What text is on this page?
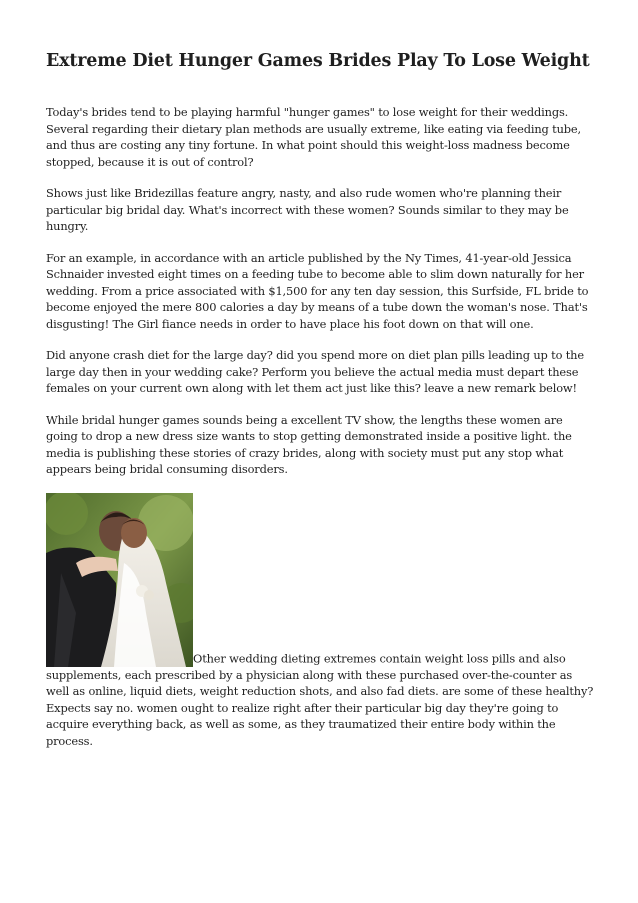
Extreme Diet Hunger Games Brides Play To Lose Weight

Today's brides tend to be playing harmful "hunger games" to lose weight for their weddings. Several regarding their dietary plan methods are usually extreme, like eating via feeding tube, and thus are costing any tiny fortune. In what point should this weight-loss madness become stopped, because it is out of control?

Shows just like Bridezillas feature angry, nasty, and also rude women who're planning their particular big bridal day. What's incorrect with these women? Sounds similar to they may be hungry.

For an example, in accordance with an article published by the Ny Times, 41-year-old Jessica Schnaider invested eight times on a feeding tube to become able to slim down naturally for her wedding. From a price associated with $1,500 for any ten day session, this Surfside, FL bride to become enjoyed the mere 800 calories a day by means of a tube down the woman's nose. That's disgusting! The Girl fiance needs in order to have place his foot down on that will one.

Did anyone crash diet for the large day? did you spend more on diet plan pills leading up to the large day then in your wedding cake? Perform you believe the actual media must depart these females on your current own along with let them act just like this? leave a new remark below!

While bridal hunger games sounds being a excellent TV show, the lengths these women are going to drop a new dress size wants to stop getting demonstrated inside a positive light. the media is publishing these stories of crazy brides, along with society must put any stop what appears being bridal consuming disorders.

Other wedding dieting extremes contain weight loss pills and also supplements, each prescribed by a physician along with these purchased over-the-counter as well as online, liquid diets, weight reduction shots, and also fad diets. are some of these healthy? Expects say no. women ought to realize right after their particular big day they're going to acquire everything back, as well as some, as they traumatized their entire body within the process.
